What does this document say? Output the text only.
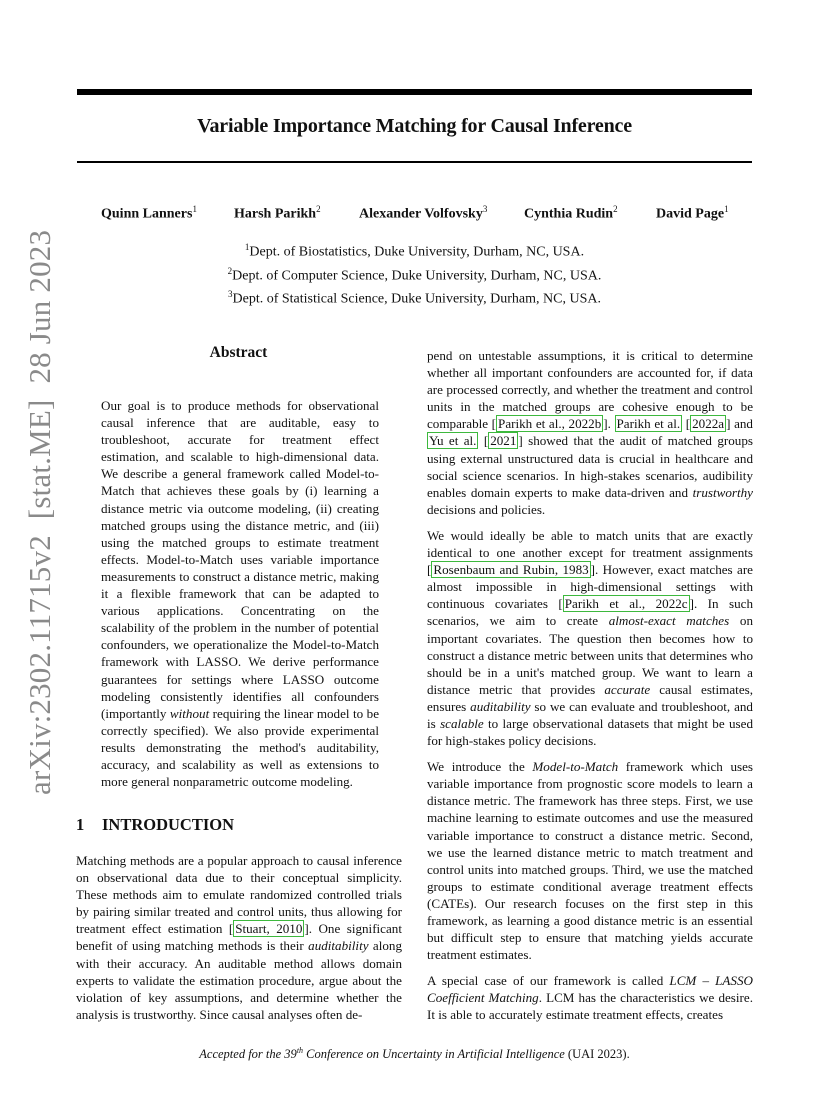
arXiv:2302.11715v2  [stat.ME]  28 Jun 2023
Variable Importance Matching for Causal Inference
Quinn Lanners$^1$	Harsh Parikh$^2$	Alexander Volfovsky$^3$	Cynthia Rudin$^2$	David Page$^1$
$^1$Dept. of Biostatistics, Duke University, Durham, NC, USA.
$^2$Dept. of Computer Science, Duke University, Durham, NC, USA.
$^3$Dept. of Statistical Science, Duke University, Durham, NC, USA.
Abstract
Our goal is to produce methods for observational causal inference that are auditable, easy to troubleshoot, accurate for treatment effect estimation, and scalable to high-dimensional data. We describe a general framework called Model-to-Match that achieves these goals by (i) learning a distance metric via outcome modeling, (ii) creating matched groups using the distance metric, and (iii) using the matched groups to estimate treatment effects. Model-to-Match uses variable importance measurements to construct a distance metric, making it a flexible framework that can be adapted to various applications. Concentrating on the scalability of the problem in the number of potential confounders, we operationalize the Model-to-Match framework with LASSO. We derive performance guarantees for settings where LASSO outcome modeling consistently identifies all confounders (importantly without requiring the linear model to be correctly specified). We also provide experimental results demonstrating the method's auditability, accuracy, and scalability as well as extensions to more general nonparametric outcome modeling.
1 INTRODUCTION
Matching methods are a popular approach to causal inference on observational data due to their conceptual simplicity. These methods aim to emulate randomized controlled trials by pairing similar treated and control units, thus allowing for treatment effect estimation [ Stuart, 2010 ]. One significant benefit of using matching methods is their auditability along with their accuracy. An auditable method allows domain experts to validate the estimation procedure, argue about the violation of key assumptions, and determine whether the analysis is trustworthy. Since causal analyses often de-

pend on untestable assumptions, it is critical to determine whether all important confounders are accounted for, if data are processed correctly, and whether the treatment and control units in the matched groups are cohesive enough to be comparable [ Parikh et al., 2022b ]. Parikh et al. [ 2022a ] and Yu et al. [ 2021 ] showed that the audit of matched groups using external unstructured data is crucial in healthcare and social science scenarios. In high-stakes scenarios, audibility enables domain experts to make data-driven and trustworthy decisions and policies.

We would ideally be able to match units that are exactly identical to one another except for treatment assignments [ Rosenbaum and Rubin, 1983 ]. However, exact matches are almost impossible in high-dimensional settings with continuous covariates [ Parikh et al., 2022c ]. In such scenarios, we aim to create almost-exact matches on important covariates. The question then becomes how to construct a distance metric between units that determines who should be in a unit's matched group. We want to learn a distance metric that provides accurate causal estimates, ensures auditability so we can evaluate and troubleshoot, and is scalable to large observational datasets that might be used for high-stakes policy decisions.

We introduce the Model-to-Match framework which uses variable importance from prognostic score models to learn a distance metric. The framework has three steps. First, we use machine learning to estimate outcomes and use the measured variable importance to construct a distance metric. Second, we use the learned distance metric to match treatment and control units into matched groups. Third, we use the matched groups to estimate conditional average treatment effects (CATEs). Our research focuses on the first step in this framework, as learning a good distance metric is an essential but difficult step to ensure that matching yields accurate treatment estimates.

A special case of our framework is called LCM – LASSO Coefficient Matching. LCM has the characteristics we desire. It is able to accurately estimate treatment effects, creates

Accepted for the 39th Conference on Uncertainty in Artificial Intelligence (UAI 2023).
